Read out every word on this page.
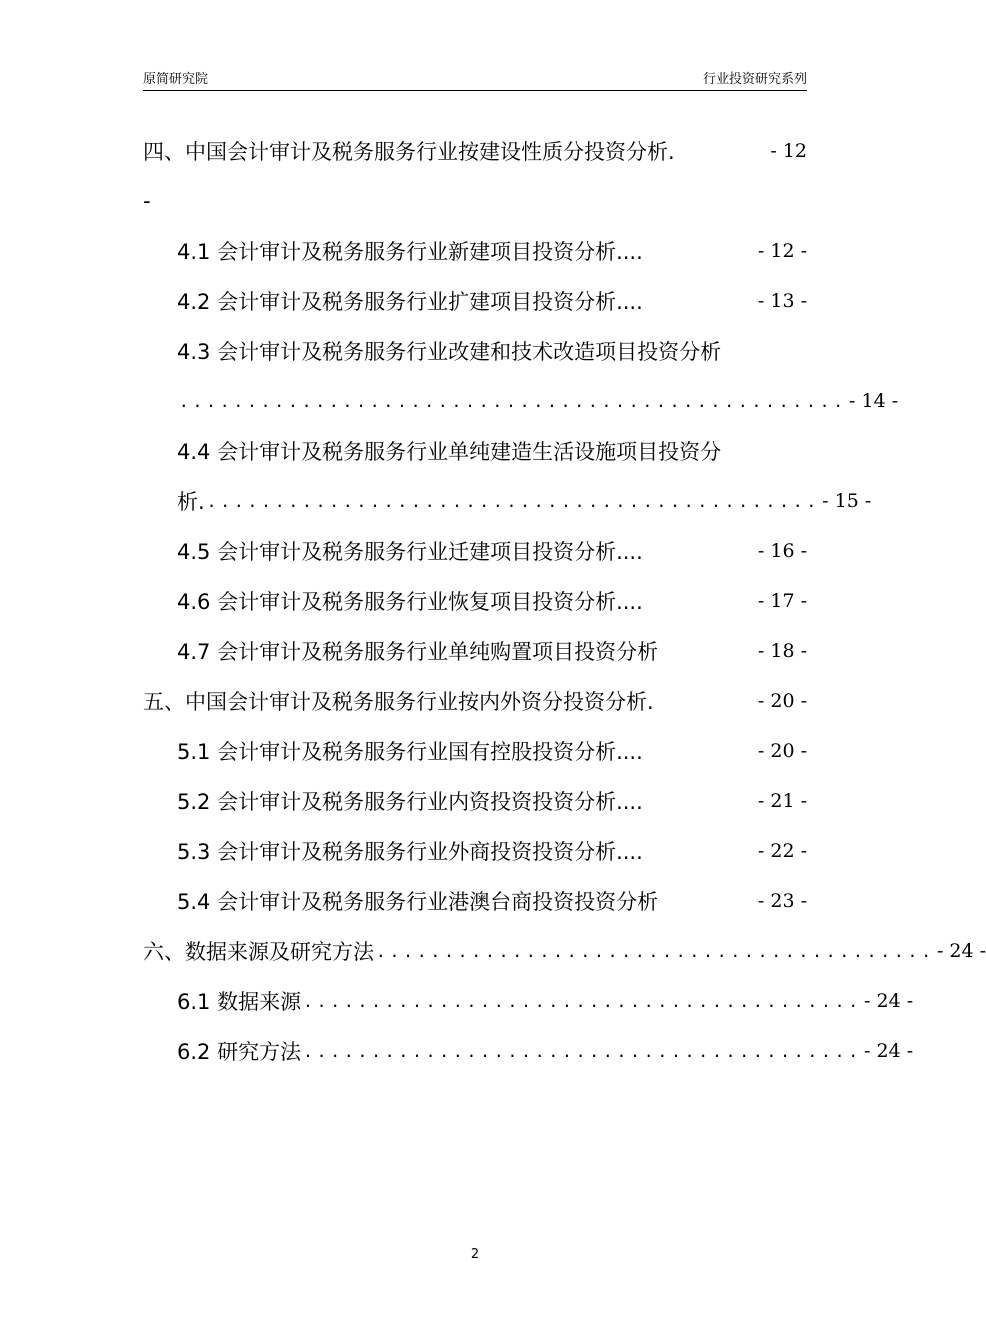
原简研究院	行业投资研究系列
四、中国会计审计及税务服务行业按建设性质分投资分析.	- 12
-
4.1 会计审计及税务服务行业新建项目投资分析....	- 12 -
4.2 会计审计及税务服务行业扩建项目投资分析....	- 13 -
4.3 会计审计及税务服务行业改建和技术改造项目投资分析
................................................. - 14 -
4.4 会计审计及税务服务行业单纯建造生活设施项目投资分
析. ............................................. - 15 -
4.5 会计审计及税务服务行业迁建项目投资分析....	- 16 -
4.6 会计审计及税务服务行业恢复项目投资分析....	- 17 -
4.7 会计审计及税务服务行业单纯购置项目投资分析	- 18 -
五、中国会计审计及税务服务行业按内外资分投资分析.	- 20 -
5.1 会计审计及税务服务行业国有控股投资分析....	- 20 -
5.2 会计审计及税务服务行业内资投资投资分析....	- 21 -
5.3 会计审计及税务服务行业外商投资投资分析....	- 22 -
5.4 会计审计及税务服务行业港澳台商投资投资分析	- 23 -
六、数据来源及研究方法 ......................................... - 24 -
6.1 数据来源 ......................................... - 24 -
6.2 研究方法 ......................................... - 24 -
2
